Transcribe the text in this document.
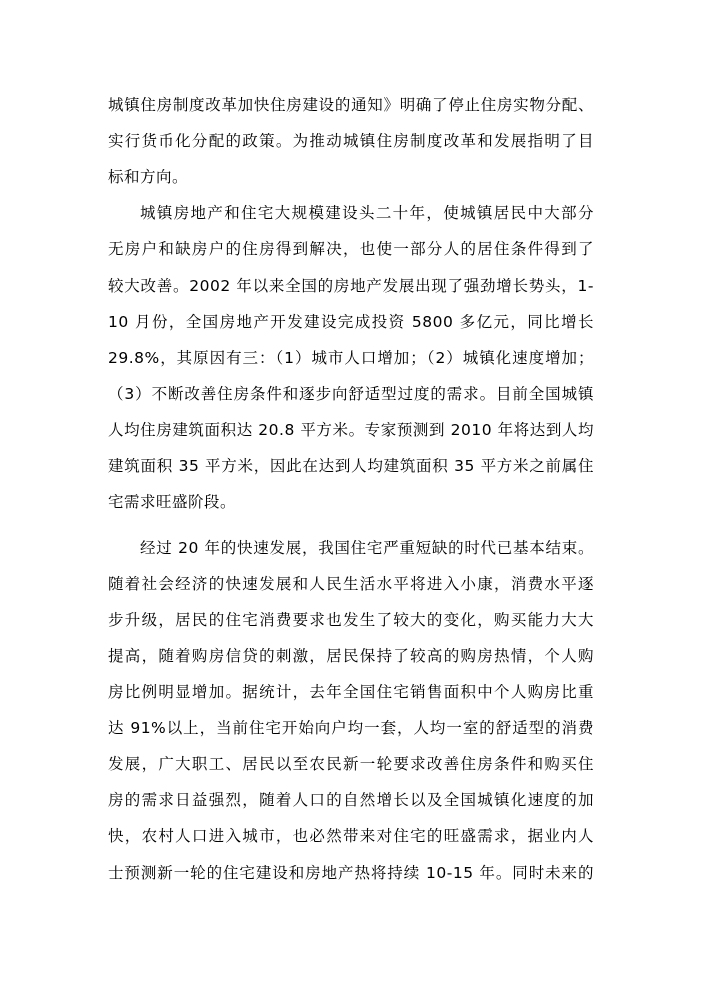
城镇住房制度改革加快住房建设的通知》明确了停止住房实物分配、
实行货币化分配的政策。为推动城镇住房制度改革和发展指明了目
标和方向。
城镇房地产和住宅大规模建设头二十年，使城镇居民中大部分
无房户和缺房户的住房得到解决，也使一部分人的居住条件得到了
较大改善。2002 年以来全国的房地产发展出现了强劲增长势头，1-
10 月份，全国房地产开发建设完成投资 5800 多亿元，同比增长
29.8%，其原因有三：（1）城市人口增加；（2）城镇化速度增加；
（3）不断改善住房条件和逐步向舒适型过度的需求。目前全国城镇
人均住房建筑面积达 20.8 平方米。专家预测到 2010 年将达到人均
建筑面积 35 平方米，因此在达到人均建筑面积 35 平方米之前属住
宅需求旺盛阶段。
经过 20 年的快速发展，我国住宅严重短缺的时代已基本结束。
随着社会经济的快速发展和人民生活水平将进入小康，消费水平逐
步升级，居民的住宅消费要求也发生了较大的变化，购买能力大大
提高，随着购房信贷的刺激，居民保持了较高的购房热情，个人购
房比例明显增加。据统计，去年全国住宅销售面积中个人购房比重
达 91%以上，当前住宅开始向户均一套，人均一室的舒适型的消费
发展，广大职工、居民以至农民新一轮要求改善住房条件和购买住
房的需求日益强烈，随着人口的自然增长以及全国城镇化速度的加
快，农村人口进入城市，也必然带来对住宅的旺盛需求，据业内人
士预测新一轮的住宅建设和房地产热将持续 10-15 年。同时未来的
